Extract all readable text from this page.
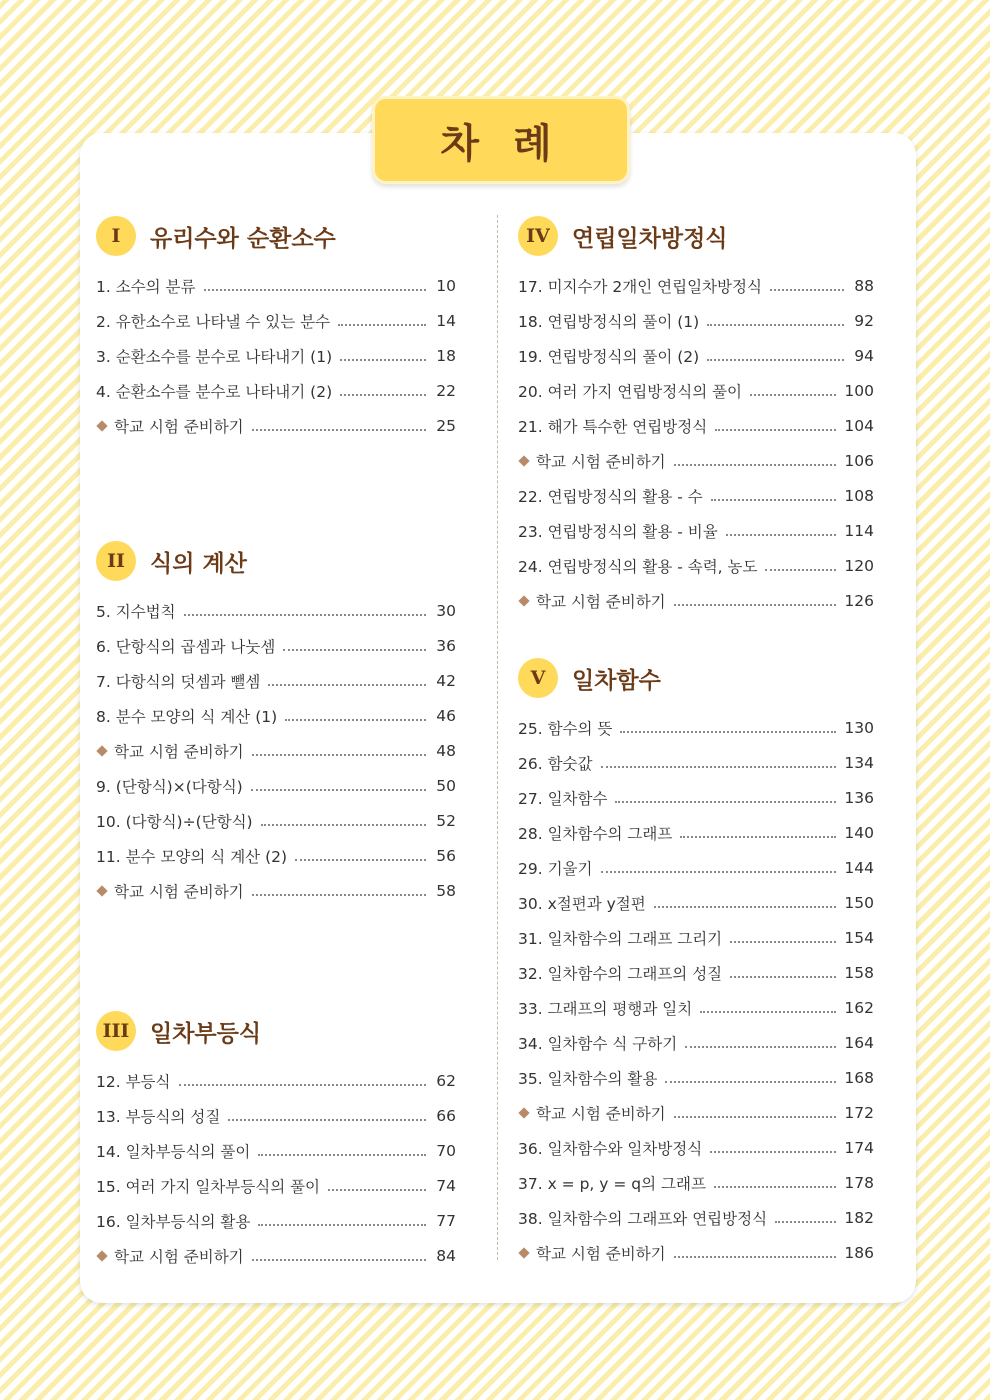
차 례
I	유리수와 순환소수
1. 소수의 분류	10
2. 유한소수로 나타낼 수 있는 분수	14
3. 순환소수를 분수로 나타내기 (1)	18
4. 순환소수를 분수로 나타내기 (2)	22
학교 시험 준비하기	25
II	식의 계산
5. 지수법칙	30
6. 단항식의 곱셈과 나눗셈	36
7. 다항식의 덧셈과 뺄셈	42
8. 분수 모양의 식 계산 (1)	46
학교 시험 준비하기	48
9. (단항식)×(다항식)	50
10. (다항식)÷(단항식)	52
11. 분수 모양의 식 계산 (2)	56
학교 시험 준비하기	58
III 일차부등식
12. 부등식	62
13. 부등식의 성질	66
14. 일차부등식의 풀이	70
15. 여러 가지 일차부등식의 풀이	74
16. 일차부등식의 활용	77
학교 시험 준비하기	84
IV 연립일차방정식
17. 미지수가 2개인 연립일차방정식	88
18. 연립방정식의 풀이 (1)	92
19. 연립방정식의 풀이 (2)	94
20. 여러 가지 연립방정식의 풀이	100
21. 해가 특수한 연립방정식	104
학교 시험 준비하기	106
22. 연립방정식의 활용 - 수	108
23. 연립방정식의 활용 - 비율	114
24. 연립방정식의 활용 - 속력, 농도	120
학교 시험 준비하기	126
V	일차함수
25. 함수의 뜻	130
26. 함숫값	134
27. 일차함수	136
28. 일차함수의 그래프	140
29. 기울기	144
30. x절편과 y절편	150
31. 일차함수의 그래프 그리기	154
32. 일차함수의 그래프의 성질	158
33. 그래프의 평행과 일치	162
34. 일차함수 식 구하기	164
35. 일차함수의 활용	168
학교 시험 준비하기	172
36. 일차함수와 일차방정식	174
37. x = p, y = q의 그래프	178
38. 일차함수의 그래프와 연립방정식	182
학교 시험 준비하기	186
